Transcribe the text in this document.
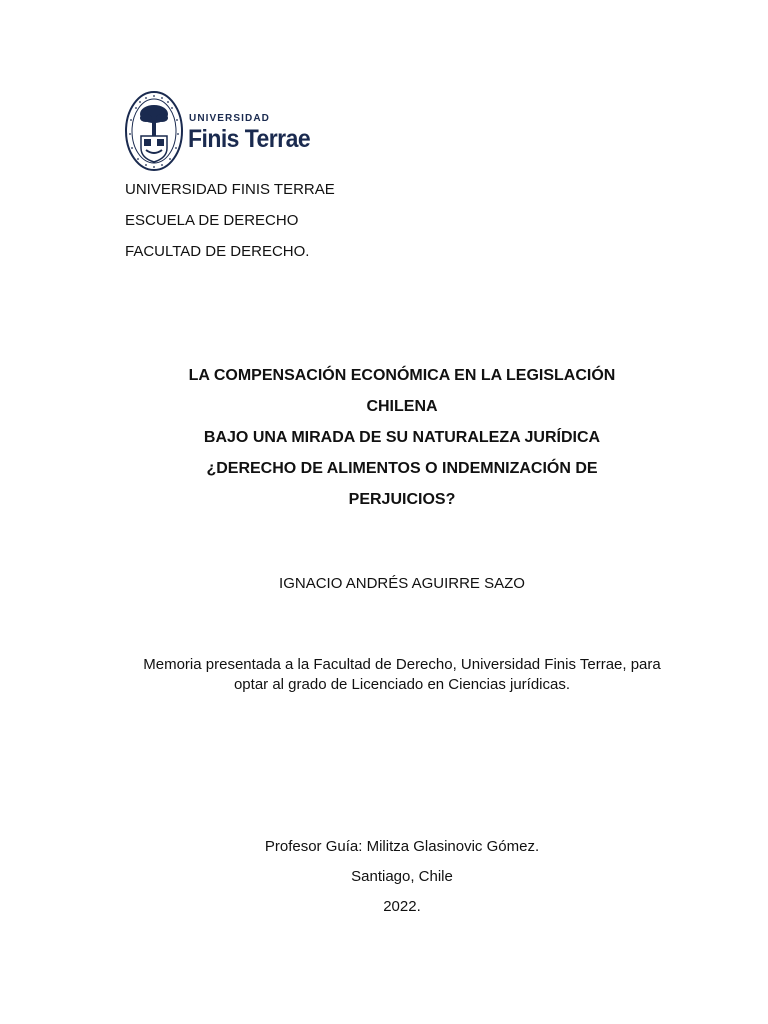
UNIVERSIDAD
Finis Terrae
UNIVERSIDAD FINIS TERRAE
ESCUELA DE DERECHO
FACULTAD DE DERECHO.
LA COMPENSACIÓN ECONÓMICA EN LA LEGISLACIÓN
CHILENA
BAJO UNA MIRADA DE SU NATURALEZA JURÍDICA
¿DERECHO DE ALIMENTOS O INDEMNIZACIÓN DE
PERJUICIOS?
IGNACIO ANDRÉS AGUIRRE SAZO
Memoria presentada a la Facultad de Derecho, Universidad Finis Terrae, para
optar al grado de Licenciado en Ciencias jurídicas.
Profesor Guía: Militza Glasinovic Gómez.
Santiago, Chile
2022.
